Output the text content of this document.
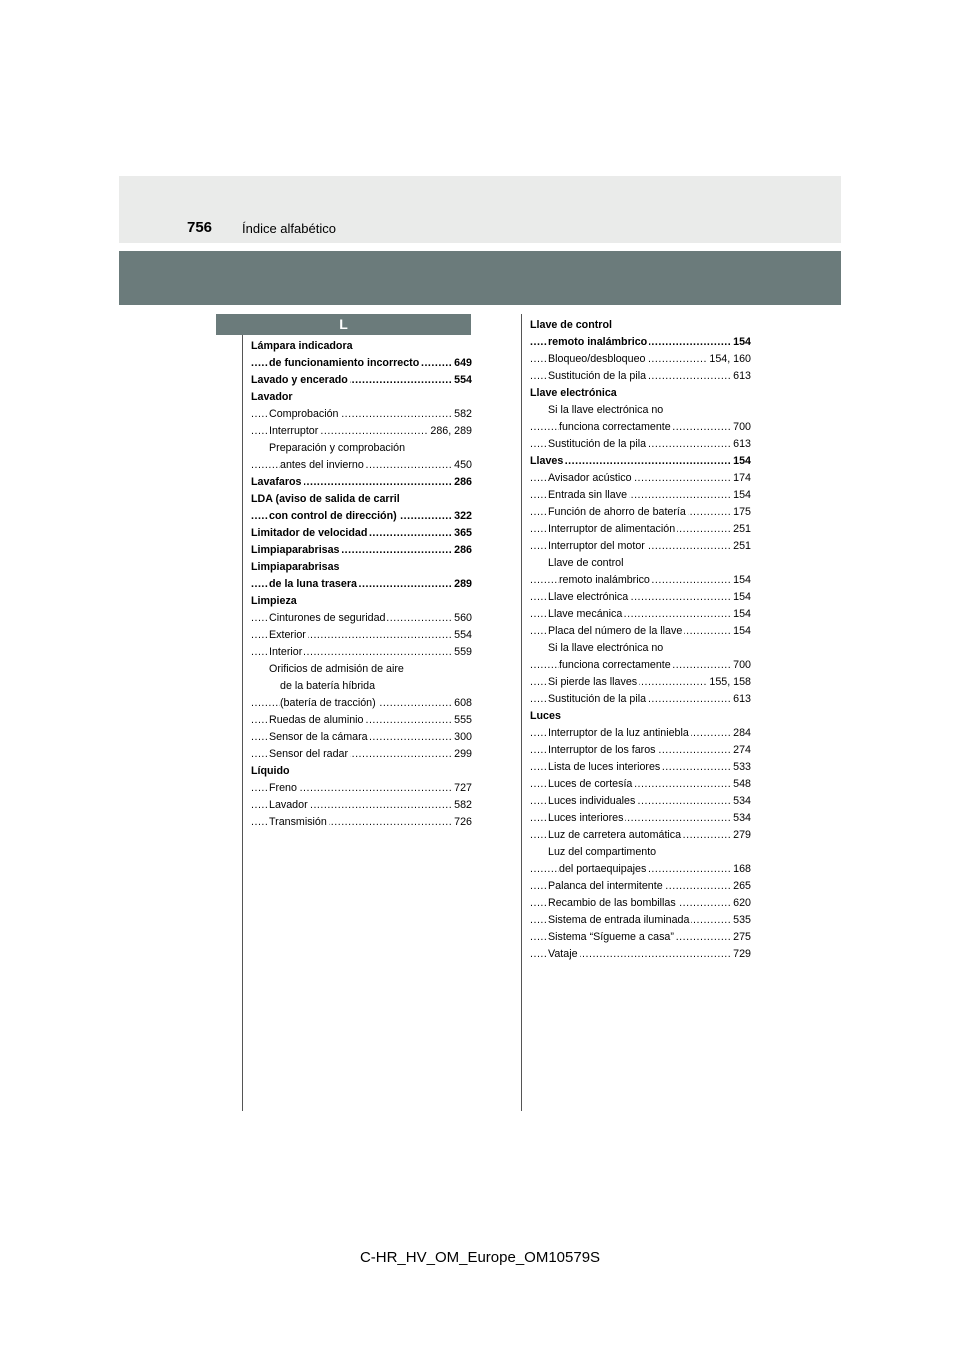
756 Índice alfabético
L
Lámpara indicadora
..... de funcionamiento incorrecto	649
..... Lavado y encerado	554
Lavador
..... Comprobación	582
..... Interruptor	286, 289
Preparación y comprobación
..... antes del invierno	450
..... Lavafaros	286
LDA (aviso de salida de carril
..... con control de dirección)	322
..... Limitador de velocidad	365
..... Limpiaparabrisas	286
Limpiaparabrisas
..... de la luna trasera	289
Limpieza
..... Cinturones de seguridad	560
..... Exterior	554
..... Interior	559
Orificios de admisión de aire
de la batería híbrida
..... (batería de tracción)	608
..... Ruedas de aluminio	555
..... Sensor de la cámara	300
..... Sensor del radar	299
Líquido
..... Freno	727
..... Lavador	582
..... Transmisión	726
Llave de control
..... remoto inalámbrico	154
..... Bloqueo/desbloqueo	154, 160
..... Sustitución de la pila	613
Llave electrónica
Si la llave electrónica no
..... funciona correctamente	700
..... Sustitución de la pila	613
..... Llaves	154
..... Avisador acústico	174
..... Entrada sin llave	154
..... Función de ahorro de batería	175
..... Interruptor de alimentación	251
..... Interruptor del motor	251
Llave de control
..... remoto inalámbrico	154
..... Llave electrónica	154
..... Llave mecánica	154
..... Placa del número de la llave	154
Si la llave electrónica no
..... funciona correctamente	700
..... Si pierde las llaves	155, 158
..... Sustitución de la pila	613
Luces
..... Interruptor de la luz antiniebla	284
..... Interruptor de los faros	274
..... Lista de luces interiores	533
..... Luces de cortesía	548
..... Luces individuales	534
..... Luces interiores	534
..... Luz de carretera automática	279
Luz del compartimento
..... del portaequipajes	168
..... Palanca del intermitente	265
..... Recambio de las bombillas	620
..... Sistema de entrada iluminada	535
..... Sistema “Sígueme a casa”	275
..... Vataje	729
C-HR_HV_OM_Europe_OM10579S
